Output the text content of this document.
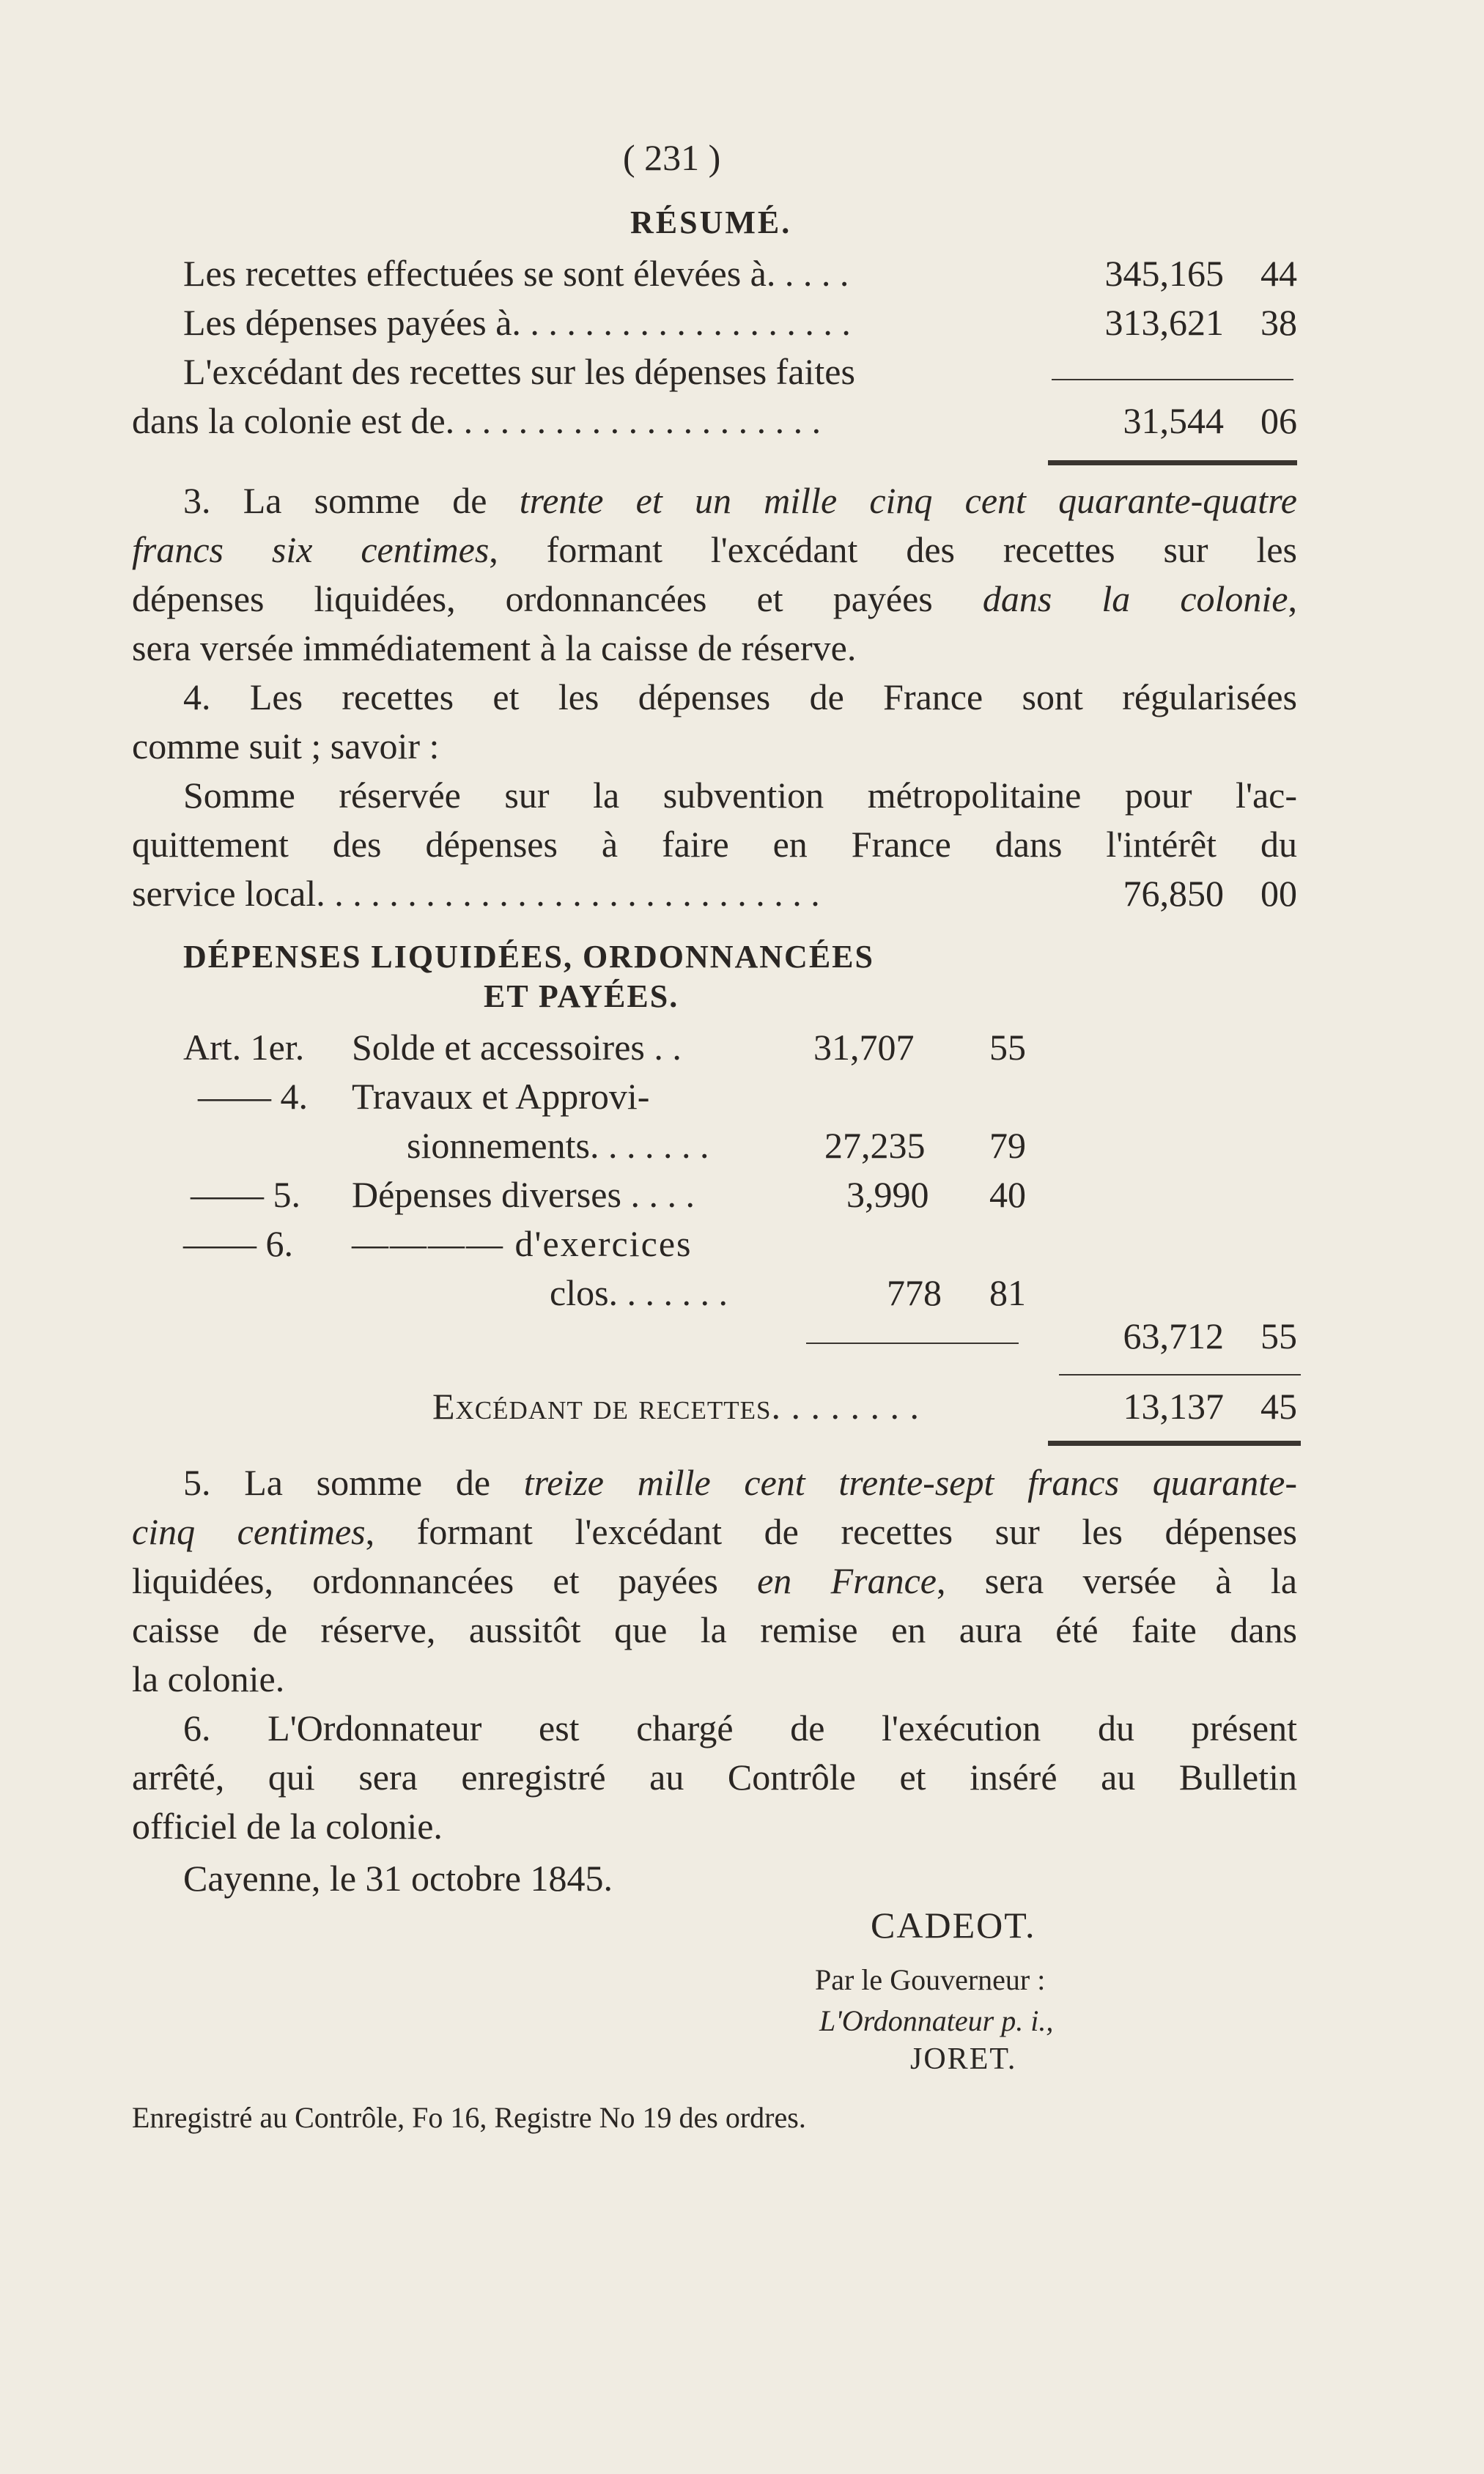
( 231 )
RÉSUMÉ.
Les recettes effectuées se sont élevées à. . . . .	345,165 44
Les dépenses payées à. . . . . . . . . . . . . . . . . . .	313,621 38
L'excédant des recettes sur les dépenses faites
dans la colonie est de. . . . . . . . . . . . . . . . . . . . .	31,544 06
3. La somme de trente et un mille cinq cent quarante-quatre
francs six centimes, formant l'excédant des recettes sur les
dépenses liquidées, ordonnancées et payées dans la colonie,
sera versée immédiatement à la caisse de réserve.
4. Les recettes et les dépenses de France sont régularisées
comme suit ; savoir :
Somme réservée sur la subvention métropolitaine pour l'ac-
quittement des dépenses à faire en France dans l'intérêt du
service local. . . . . . . . . . . . . . . . . . . . . . . . . . . .	76,850 00
DÉPENSES LIQUIDÉES, ORDONNANCÉES
ET PAYÉES.
Art. 1er. Solde et accessoires . .	31,707	55
—— 4. Travaux et Approvi-
sionnements. . . . . . .	27,235 79
—— 5. Dépenses diverses . . . .	3,990 40
—— 6. ———— d'exercices
clos. . . . . . .	778 81
63,712 55
Excédant de recettes. . . . . . . .	13,137 45
5. La somme de treize mille cent trente-sept francs quarante-
cinq centimes, formant l'excédant de recettes sur les dépenses
liquidées, ordonnancées et payées en France, sera versée à la
caisse de réserve, aussitôt que la remise en aura été faite dans
la colonie.
6. L'Ordonnateur est chargé de l'exécution du présent
arrêté, qui sera enregistré au Contrôle et inséré au Bulletin
officiel de la colonie.
Cayenne, le 31 octobre 1845.
CADEOT.
Par le Gouverneur :
L'Ordonnateur p. i.,
JORET.
Enregistré au Contrôle, Fo 16, Registre No 19 des ordres.
